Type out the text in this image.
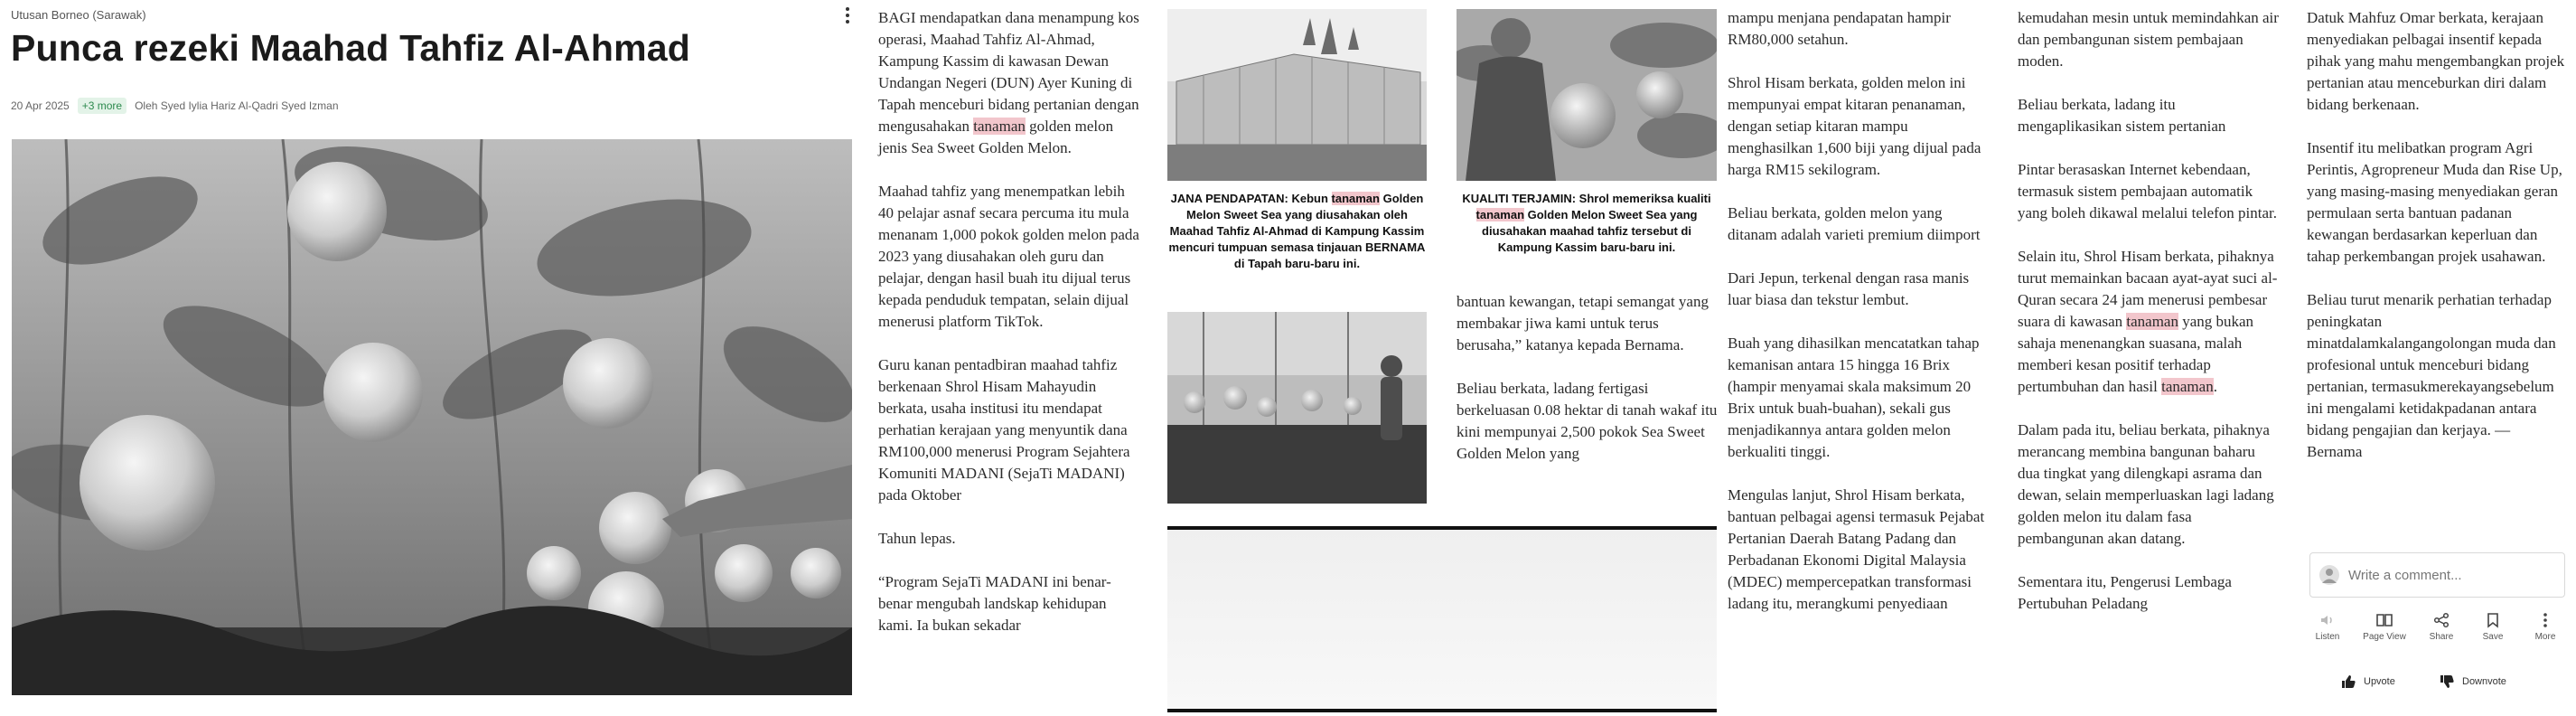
Utusan Borneo (Sarawak)
Punca rezeki Maahad Tahfiz Al-Ahmad
20 Apr 2025	+3 more	Oleh Syed Iylia Hariz Al-Qadri Syed Izman

BAGI mendapatkan dana menampung kos operasi, Maahad Tahfiz Al-Ahmad, Kampung Kassim di kawasan Dewan Undangan Negeri (DUN) Ayer Kuning di Tapah menceburi bidang pertanian dengan mengusahakan tanaman golden melon jenis Sea Sweet Golden Melon.

Maahad tahfiz yang menempatkan lebih 40 pelajar asnaf secara percuma itu mula menanam 1,000 pokok golden melon pada 2023 yang diusahakan oleh guru dan pelajar, dengan hasil buah itu dijual terus kepada penduduk tempatan, selain dijual menerusi platform TikTok.

Guru kanan pentadbiran maahad tahfiz berkenaan Shrol Hisam Mahayudin berkata, usaha institusi itu mendapat perhatian kerajaan yang menyuntik dana RM100,000 menerusi Program Sejahtera Komuniti MADANI (SejaTi MADANI) pada Oktober

Tahun lepas.

“Program SejaTi MADANI ini benar-benar mengubah landskap kehidupan kami. Ia bukan sekadar

JANA PENDAPATAN: Kebun tanaman Golden Melon Sweet Sea yang diusahakan oleh Maahad Tahfiz Al-Ahmad di Kampung Kassim mencuri tumpuan semasa tinjauan BERNAMA di Tapah baru-baru ini.
KUALITI TERJAMIN: Shrol memeriksa kualiti tanaman Golden Melon Sweet Sea yang diusahakan maahad tahfiz tersebut di Kampung Kassim baru-baru ini.

bantuan kewangan, tetapi semangat yang membakar jiwa kami untuk terus berusaha,” katanya kepada Bernama.

Beliau berkata, ladang fertigasi berkeluasan 0.08 hektar di tanah wakaf itu kini mempunyai 2,500 pokok Sea Sweet Golden Melon yang

mampu menjana pendapatan hampir RM80,000 setahun.

Shrol Hisam berkata, golden melon ini mempunyai empat kitaran penanaman, dengan setiap kitaran mampu menghasilkan 1,600 biji yang dijual pada harga RM15 sekilogram.

Beliau berkata, golden melon yang ditanam adalah varieti premium diimport

Dari Jepun, terkenal dengan rasa manis luar biasa dan tekstur lembut.

Buah yang dihasilkan mencatatkan tahap kemanisan antara 15 hingga 16 Brix (hampir menyamai skala maksimum 20 Brix untuk buah-buahan), sekali gus menjadikannya antara golden melon berkualiti tinggi.

Mengulas lanjut, Shrol Hisam berkata, bantuan pelbagai agensi termasuk Pejabat Pertanian Daerah Batang Padang dan Perbadanan Ekonomi Digital Malaysia (MDEC) mempercepatkan transformasi ladang itu, merangkumi penyediaan

kemudahan mesin untuk memindahkan air dan pembangunan sistem pembajaan moden.

Beliau berkata, ladang itu mengaplikasikan sistem pertanian

Pintar berasaskan Internet kebendaan, termasuk sistem pembajaan automatik yang boleh dikawal melalui telefon pintar.

Selain itu, Shrol Hisam berkata, pihaknya turut memainkan bacaan ayat-ayat suci al-Quran secara 24 jam menerusi pembesar suara di kawasan tanaman yang bukan sahaja menenangkan suasana, malah memberi kesan positif terhadap pertumbuhan dan hasil tanaman.

Dalam pada itu, beliau berkata, pihaknya merancang membina bangunan baharu dua tingkat yang dilengkapi asrama dan dewan, selain memperluaskan lagi ladang golden melon itu dalam fasa pembangunan akan datang.

Sementara itu, Pengerusi Lembaga Pertubuhan Peladang

Datuk Mahfuz Omar berkata, kerajaan menyediakan pelbagai insentif kepada pihak yang mahu mengembangkan projek pertanian atau menceburkan diri dalam bidang berkenaan.

Insentif itu melibatkan program Agri Perintis, Agropreneur Muda dan Rise Up, yang masing-masing menyediakan geran permulaan serta bantuan padanan kewangan berdasarkan keperluan dan tahap perkembangan projek usahawan.

Beliau turut menarik perhatian terhadap peningkatan minatdalamkalangangolongan muda dan profesional untuk menceburi bidang pertanian, termasukmerekayangsebelum ini mengalami ketidakpadanan antara bidang pengajian dan kerjaya. — Bernama

Write a comment...
Listen	Page View	Share	Save	More
Upvote	Downvote
